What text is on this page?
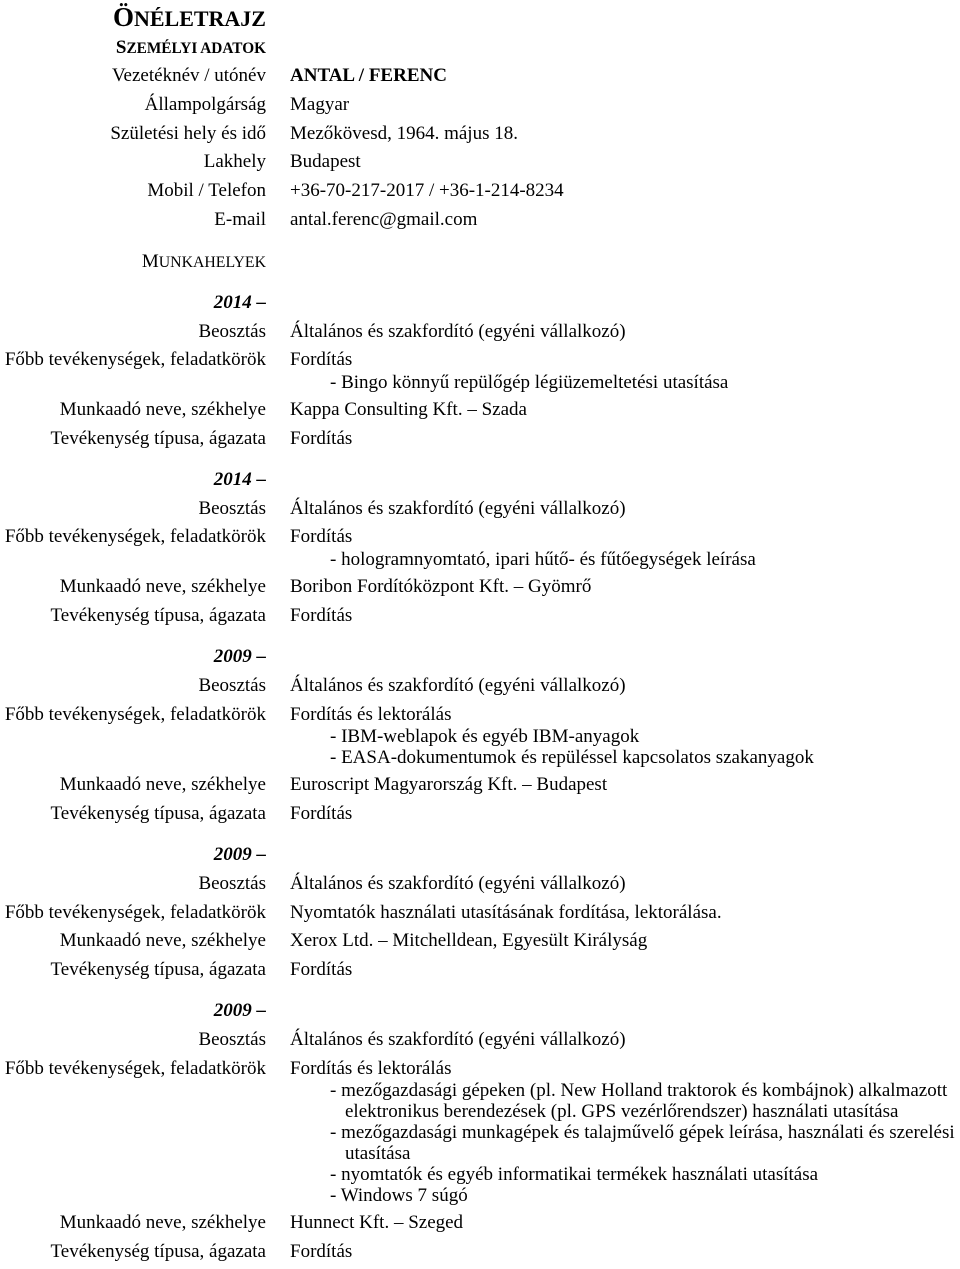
ÖNÉLETRAJZ
SZEMÉLYI ADATOK
Vezetéknév / utónév ANTAL / FERENC
Állampolgárság Magyar
Születési hely és idő Mezőkövesd, 1964. május 18.
Lakhely Budapest
Mobil / Telefon +36-70-217-2017 / +36-1-214-8234
E-mail antal.ferenc@gmail.com
MUNKAHELYEK
2014 –
Beosztás Általános és szakfordító (egyéni vállalkozó)
Főbb tevékenységek, feladatkörök Fordítás
- Bingo könnyű repülőgép légiüzemeltetési utasítása
Munkaadó neve, székhelye Kappa Consulting Kft. – Szada
Tevékenység típusa, ágazata Fordítás
2014 –
Beosztás Általános és szakfordító (egyéni vállalkozó)
Főbb tevékenységek, feladatkörök Fordítás
- hologramnyomtató, ipari hűtő- és fűtőegységek leírása
Munkaadó neve, székhelye Boribon Fordítóközpont Kft. – Gyömrő
Tevékenység típusa, ágazata Fordítás
2009 –
Beosztás Általános és szakfordító (egyéni vállalkozó)
Főbb tevékenységek, feladatkörök Fordítás és lektorálás
- IBM-weblapok és egyéb IBM-anyagok
- EASA-dokumentumok és repüléssel kapcsolatos szakanyagok
Munkaadó neve, székhelye Euroscript Magyarország Kft. – Budapest
Tevékenység típusa, ágazata Fordítás
2009 –
Beosztás Általános és szakfordító (egyéni vállalkozó)
Főbb tevékenységek, feladatkörök Nyomtatók használati utasításának fordítása, lektorálása.
Munkaadó neve, székhelye Xerox Ltd. – Mitchelldean, Egyesült Királyság
Tevékenység típusa, ágazata Fordítás
2009 –
Beosztás Általános és szakfordító (egyéni vállalkozó)
Főbb tevékenységek, feladatkörök Fordítás és lektorálás
- mezőgazdasági gépeken (pl. New Holland traktorok és kombájnok) alkalmazott
elektronikus berendezések (pl. GPS vezérlőrendszer) használati utasítása
- mezőgazdasági munkagépek és talajművelő gépek leírása, használati és szerelési
utasítása
- nyomtatók és egyéb informatikai termékek használati utasítása
- Windows 7 súgó
Munkaadó neve, székhelye Hunnect Kft. – Szeged
Tevékenység típusa, ágazata Fordítás
